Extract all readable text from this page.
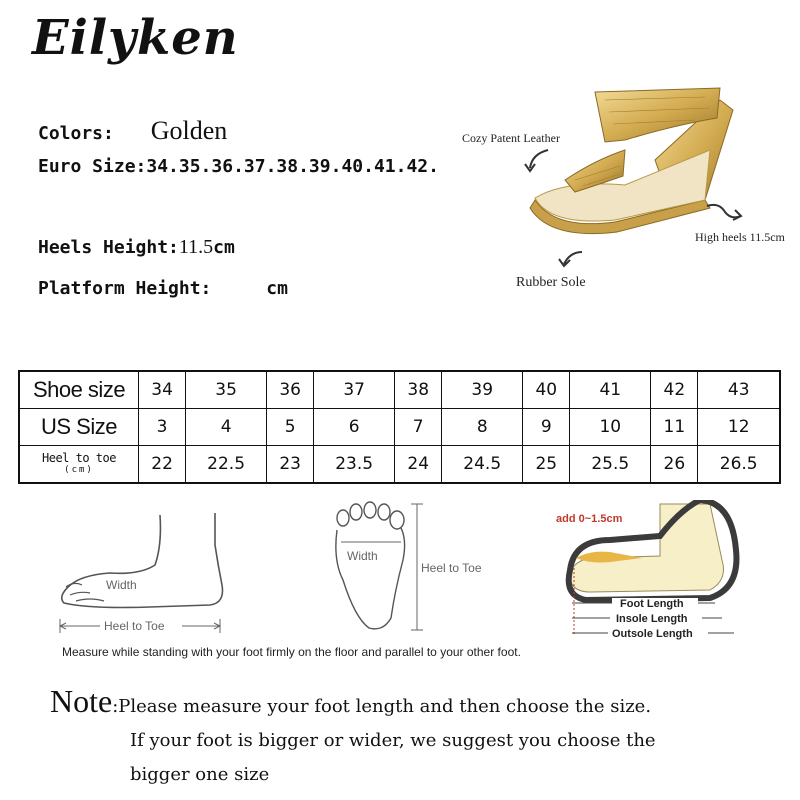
Eilyken
Colors: Golden
Euro Size:34.35.36.37.38.39.40.41.42.
Heels Height:11.5cm
Platform Height:	cm
Cozy Patent Leather
High heels 11.5cm
Rubber Sole
Shoe size	34	35	36	37	38	39	40	41	42	43
US Size	3	4	5	6	7	8	9	10	11	12

Heel to toe
(cm)	22	22.5	23	23.5	24	24.5	25	25.5	26	26.5
Width
Heel to Toe
Width
Heel to Toe
add 0~1.5cm
Foot Length
Insole Length
Outsole Length
Measure while standing with your foot firmly on the floor and parallel to your other foot.
Note:Please measure your foot length and then choose the size.
If your foot is bigger or wider, we suggest you choose the
bigger one size
